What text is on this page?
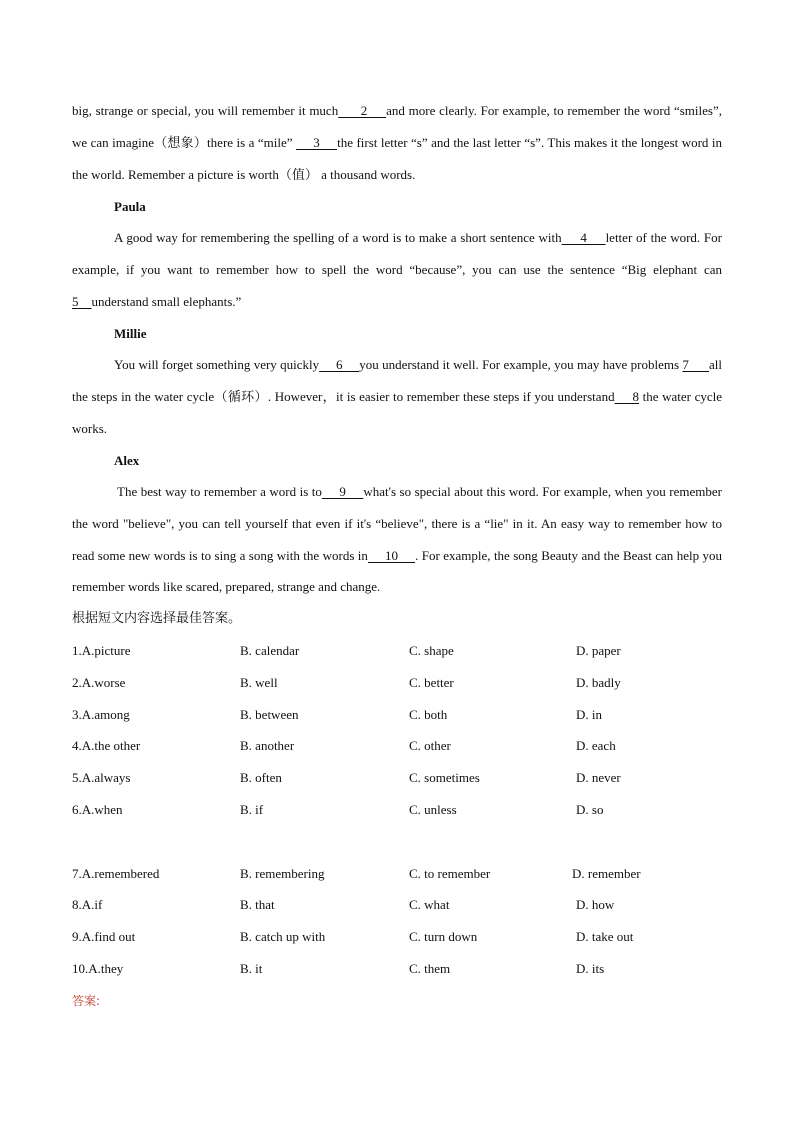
big, strange or special, you will remember it much      2     and more clearly. For example, to remember the word “smiles”, we can imagine（想象）there is a “mile”      3     the first letter “s” and the last letter “s”. This makes it the longest word in the world. Remember a picture is worth（值） a thousand words.

Paula

A good way for remembering the spelling of a word is to make a short sentence with     4     letter of the word. For example, if you want to remember how to spell the word “because”, you can use the sentence “Big elephant can 5    understand small elephants.”

Millie

You will forget something very quickly     6     you understand it well. For example, you may have problems 7      all the steps in the water cycle（循环）. However，it is easier to remember these steps if you understand     8 the water cycle works.

Alex

The best way to remember a word is to     9     what's so special about this word. For example, when you remember the word "believe", you can tell yourself that even if it's “believe", there is a “lie" in it. An easy way to remember how to read some new words is to sing a song with the words in     10     . For example, the song Beauty and the Beast can help you remember words like scared, prepared, strange and change.

根据短文内容选择最佳答案。
1.A.picture	B. calendar	C. shape	D. paper
2.A.worse	B. well	C. better	D. badly
3.A.among	B. between	C. both	D. in
4.A.the other	B. another	C. other	D. each
5.A.always	B. often	C. sometimes	D. never
6.A.when	B. if	C. unless	D. so
7.A.remembered	B. remembering	C. to remember	D. remember
8.A.if	B. that	C. what	D. how
9.A.find out	B. catch up with	C. turn down	D. take out
10.A.they	B. it	C. them	D. its
答案:
